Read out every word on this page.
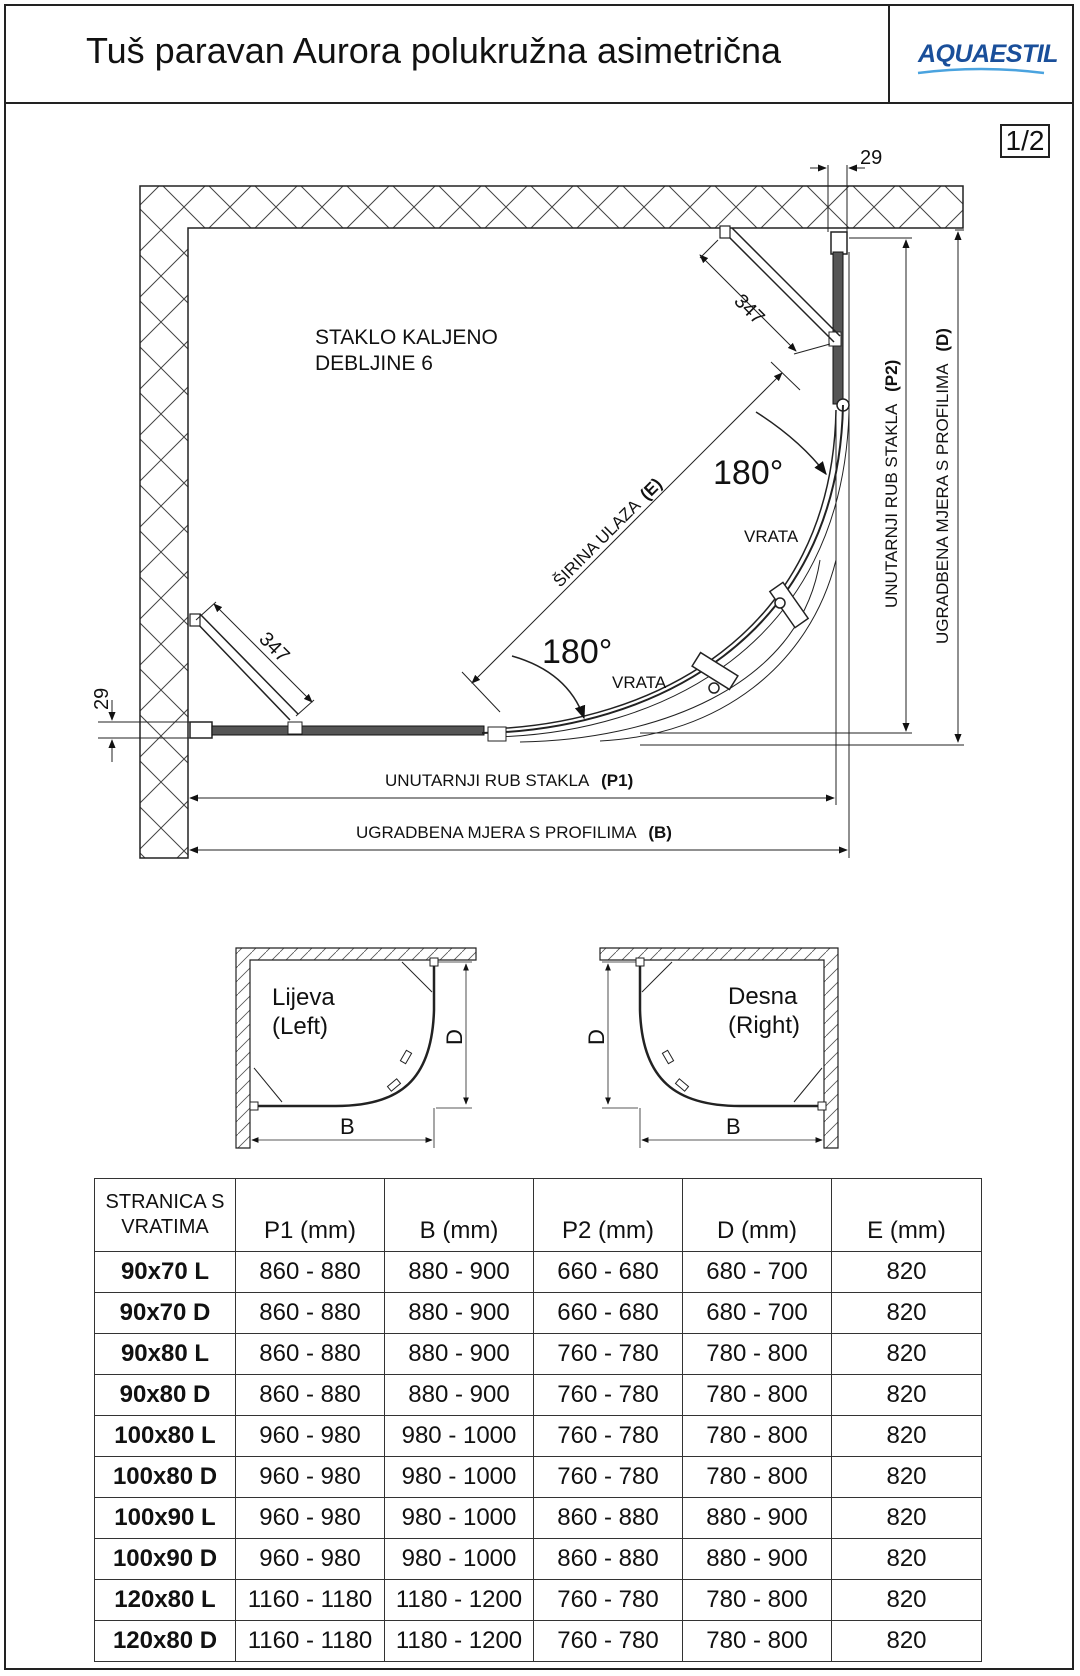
Tuš paravan Aurora polukružna asimetrična	AQUAESTIL
1/2
STAKLO KALJENO
DEBLJINE 6
29
29
347
347
ŠIRINA ULAZA (E) 180°
VRATA
180°
VRATA
UNUTARNJI RUB STAKLA (P2) UGRADBENA MJERA S PROFILIMA (D)
UNUTARNJI RUB STAKLA (P1)
UGRADBENA MJERA S PROFILIMA (B)
Lijeva
(Left)	D
B
Desna
(Right)
D
B
STRANICA S
VRATIMA	P1 (mm)	B (mm)	P2 (mm)	D (mm)	E (mm)
90x70 L	860 - 880	880 - 900	660 - 680	680 - 700	820
90x70 D	860 - 880	880 - 900	660 - 680	680 - 700	820
90x80 L	860 - 880	880 - 900	760 - 780	780 - 800	820
90x80 D	860 - 880	880 - 900	760 - 780	780 - 800	820
100x80 L	960 - 980	980 - 1000	760 - 780	780 - 800	820
100x80 D	960 - 980	980 - 1000	760 - 780	780 - 800	820
100x90 L	960 - 980	980 - 1000	860 - 880	880 - 900	820
100x90 D	960 - 980	980 - 1000	860 - 880	880 - 900	820
120x80 L	1160 - 1180	1180 - 1200	760 - 780	780 - 800	820
120x80 D	1160 - 1180	1180 - 1200	760 - 780	780 - 800	820
